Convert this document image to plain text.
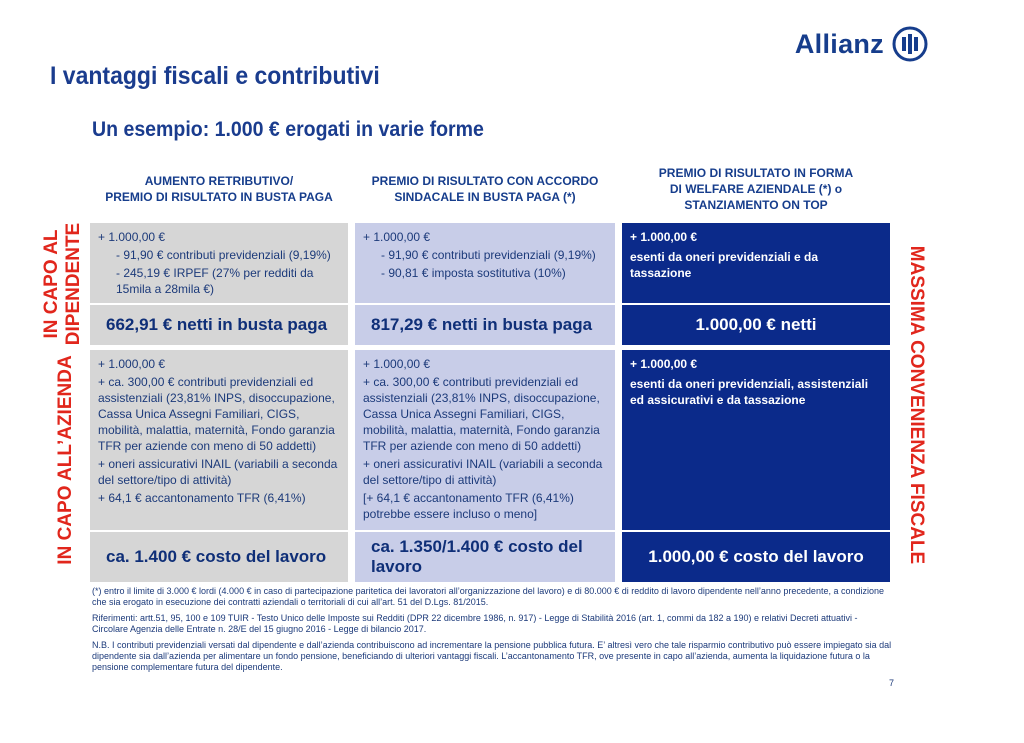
Allianz
I vantaggi fiscali e contributivi
Un esempio: 1.000 € erogati in varie forme
AUMENTO RETRIBUTIVO/
PREMIO DI RISULTATO IN BUSTA PAGA
PREMIO DI RISULTATO CON ACCORDO
SINDACALE IN BUSTA PAGA (*)
PREMIO DI RISULTATO IN FORMA
DI WELFARE AZIENDALE (*) o
STANZIAMENTO ON TOP
IN CAPO AL
DIPENDENTE
IN CAPO ALL’AZIENDA	MASSIMA CONVENIENZA FISCALE

+ 1.000,00 €

- 91,90 € contributi previdenziali (9,19%)

- 245,19 € IRPEF (27% per redditi da 15mila a 28mila €)

+ 1.000,00 €

- 91,90 € contributi previdenziali (9,19%)

- 90,81 € imposta sostitutiva (10%)

+ 1.000,00 €

esenti da oneri previdenziali e da tassazione

662,91 € netti in busta paga	817,29 € netti in busta paga	1.000,00 € netti

+ 1.000,00 €

+ ca. 300,00 € contributi previdenziali ed assistenziali (23,81% INPS, disoccupazione, Cassa Unica Assegni Familiari, CIGS, mobilità, malattia, maternità, Fondo garanzia TFR per aziende con meno di 50 addetti)

+ oneri assicurativi INAIL (variabili a seconda del settore/tipo di attività)

+ 64,1 € accantonamento TFR (6,41%)

+ 1.000,00 €

+ ca. 300,00 € contributi previdenziali ed assistenziali (23,81% INPS, disoccupazione, Cassa Unica Assegni Familiari, CIGS, mobilità, malattia, maternità, Fondo garanzia TFR per aziende con meno di 50 addetti)

+ oneri assicurativi INAIL (variabili a seconda del settore/tipo di attività)

[+ 64,1 € accantonamento TFR (6,41%) potrebbe essere incluso o meno]

+ 1.000,00 €

esenti da oneri previdenziali, assistenziali ed assicurativi e da tassazione

ca. 1.400 € costo del lavoro
ca. 1.350/1.400 € costo del lavoro
1.000,00 € costo del lavoro

(*) entro il limite di 3.000 € lordi (4.000 € in caso di partecipazione paritetica dei lavoratori all’organizzazione del lavoro) e di 80.000 € di reddito di lavoro dipendente nell’anno precedente, a condizione che sia erogato in esecuzione dei contratti aziendali o territoriali di cui all’art. 51 del D.Lgs. 81/2015.

Riferimenti: artt.51, 95, 100 e 109 TUIR - Testo Unico delle Imposte sui Redditi (DPR 22 dicembre 1986, n. 917) - Legge di Stabilità 2016 (art. 1, commi da 182 a 190) e relativi Decreti attuativi - Circolare Agenzia delle Entrate n. 28/E del 15 giugno 2016 - Legge di bilancio 2017.

N.B. I contributi previdenziali versati dal dipendente e dall’azienda contribuiscono ad incrementare la pensione pubblica futura. E’ altresì vero che tale risparmio contributivo può essere impiegato sia dal dipendente sia dall’azienda per alimentare un fondo pensione, beneficiando di ulteriori vantaggi fiscali. L’accantonamento TFR, ove presente in capo all’azienda, aumenta la liquidazione futura o la pensione complementare futura del dipendente.

7
